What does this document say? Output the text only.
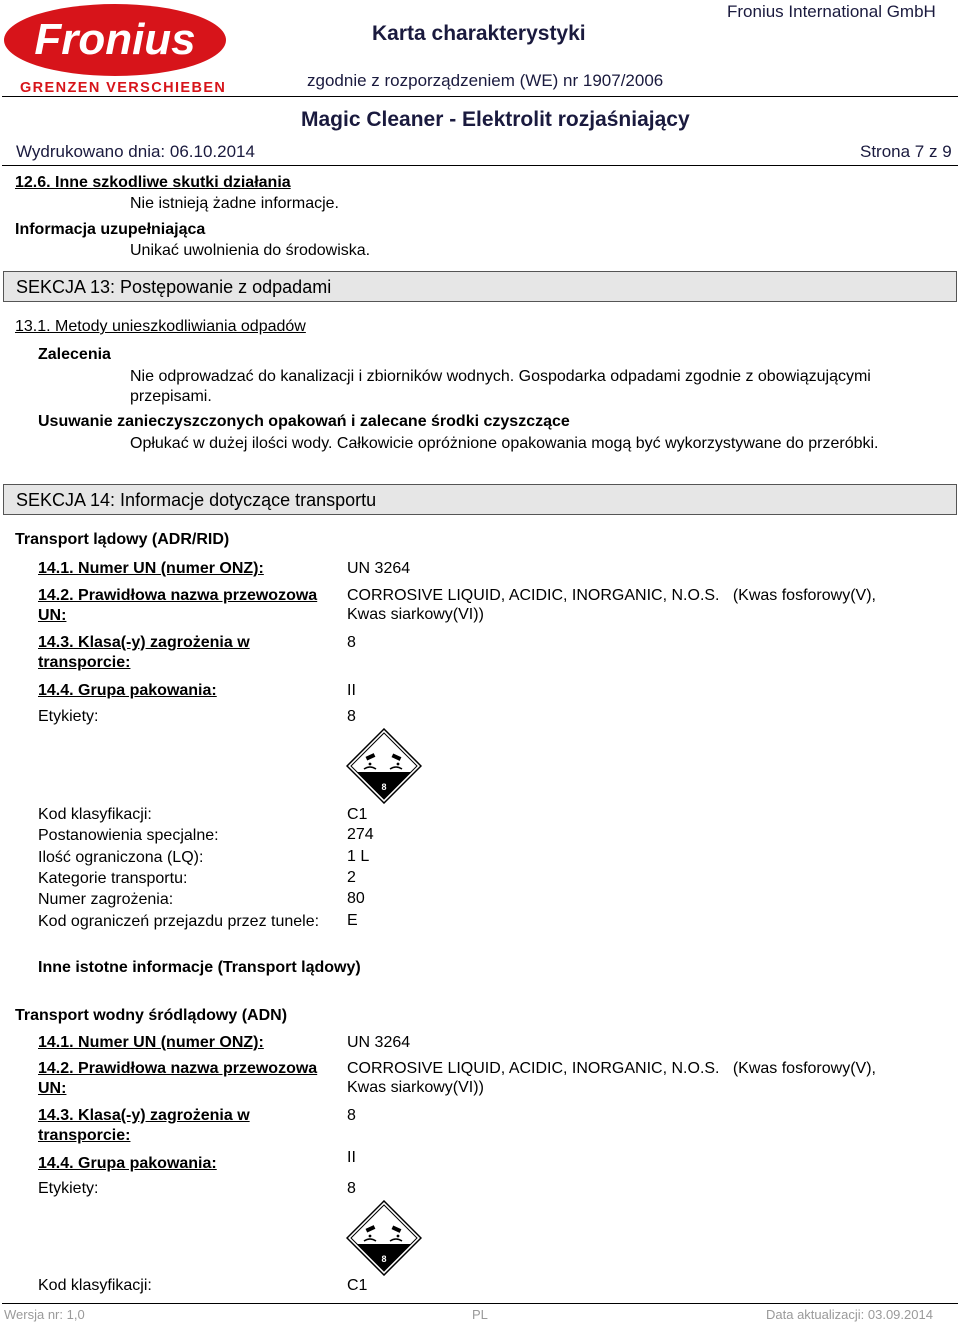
Fronius
GRENZEN VERSCHIEBEN
Karta charakterystyki
Fronius International GmbH
zgodnie z rozporządzeniem (WE) nr 1907/2006
Magic Cleaner - Elektrolit rozjaśniający
Wydrukowano dnia: 06.10.2014	Strona 7 z 9
12.6. Inne szkodliwe skutki działania
Nie istnieją żadne informacje.
Informacja uzupełniająca
Unikać uwolnienia do środowiska.
SEKCJA 13: Postępowanie z odpadami
13.1. Metody unieszkodliwiania odpadów
Zalecenia
Nie odprowadzać do kanalizacji i zbiorników wodnych. Gospodarka odpadami zgodnie z obowiązującymi
przepisami.
Usuwanie zanieczyszczonych opakowań i zalecane środki czyszczące
Opłukać w dużej ilości wody. Całkowicie opróżnione opakowania mogą być wykorzystywane do przeróbki.
SEKCJA 14: Informacje dotyczące transportu
Transport lądowy (ADR/RID)
14.1. Numer UN (numer ONZ):	UN 3264
14.2. Prawidłowa nazwa przewozowa
UN:
CORROSIVE LIQUID, ACIDIC, INORGANIC, N.O.S.   (Kwas fosforowy(V),
Kwas siarkowy(VI))
14.3. Klasa(-y) zagrożenia w
transporcie:
8
14.4. Grupa pakowania:	II
Etykiety:	8
8
Kod klasyfikacji:	C1
Postanowienia specjalne:	274
Ilość ograniczona (LQ):	1 L
Kategorie transportu:	2
Numer zagrożenia:	80
Kod ograniczeń przejazdu przez tunele: E
Inne istotne informacje (Transport lądowy)
Transport wodny śródlądowy (ADN)
14.1. Numer UN (numer ONZ):	UN 3264
14.2. Prawidłowa nazwa przewozowa
UN:
CORROSIVE LIQUID, ACIDIC, INORGANIC, N.O.S.   (Kwas fosforowy(V),
Kwas siarkowy(VI))
14.3. Klasa(-y) zagrożenia w
transporcie:
8
14.4. Grupa pakowania:	II
Etykiety:	8
8
Kod klasyfikacji:	C1
Wersja nr: 1,0	PL	Data aktualizacji: 03.09.2014
